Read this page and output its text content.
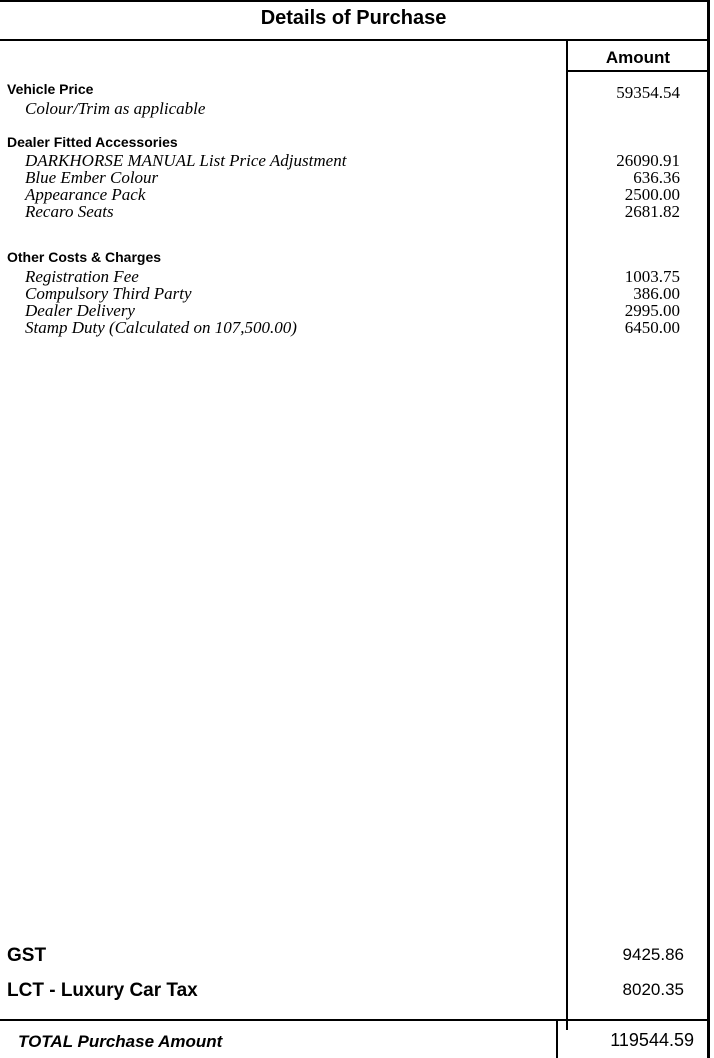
Details of Purchase
Amount
Vehicle Price	59354.54
Colour/Trim as applicable
Dealer Fitted Accessories
DARKHORSE MANUAL List Price Adjustment	26090.91
Blue Ember Colour	636.36
Appearance Pack	2500.00
Recaro Seats	2681.82
Other Costs & Charges
Registration Fee	1003.75
Compulsory Third Party	386.00
Dealer Delivery	2995.00
Stamp Duty (Calculated on 107,500.00)	6450.00
GST	9425.86
LCT - Luxury Car Tax	8020.35
TOTAL Purchase Amount	119544.59
